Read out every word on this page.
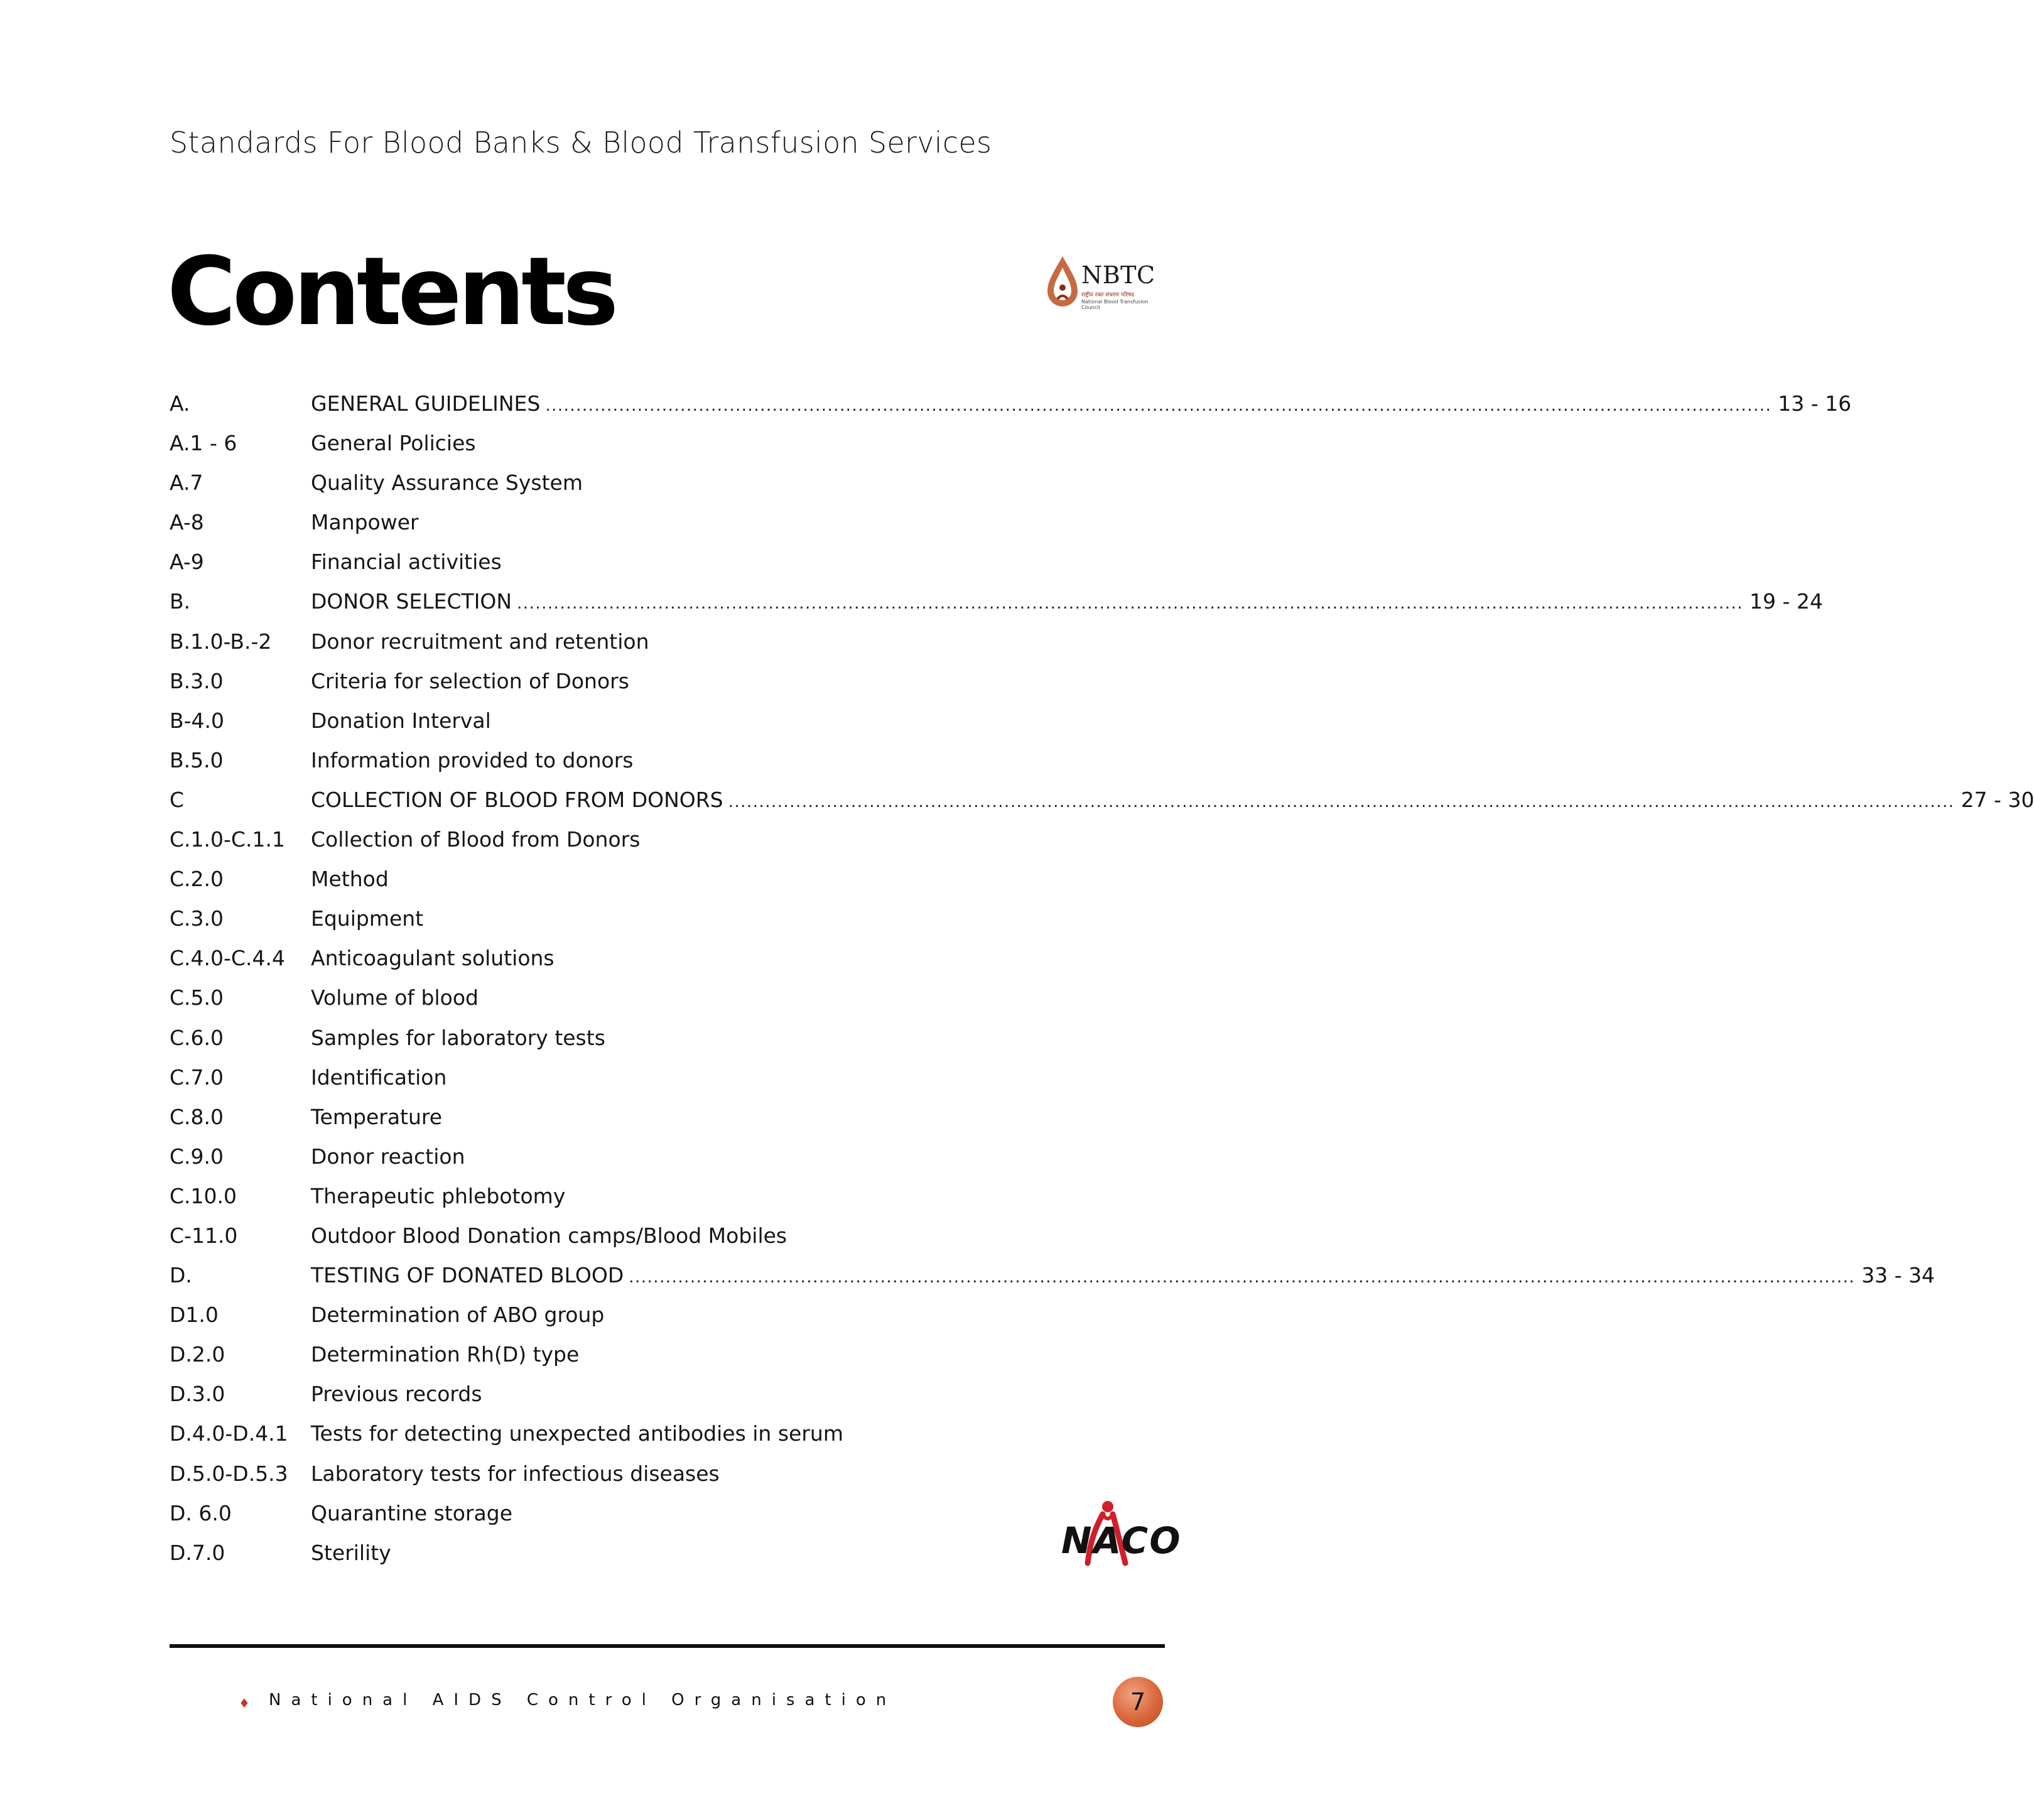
Standards For Blood Banks & Blood Transfusion Services
Contents	NBTC
राष्ट्रीय रक्त संचरण परिषद
National Blood Transfusion Council
A.	GENERAL GUIDELINES ........................................................................................................................................................................................................ 13 - 16
A.1 - 6	General Policies
A.7	Quality Assurance System
A-8	Manpower
A-9	Financial activities
B.	DONOR SELECTION ........................................................................................................................................................................................................ 19 - 24
B.1.0-B.-2 Donor recruitment and retention
B.3.0	Criteria for selection of Donors
B-4.0	Donation Interval
B.5.0	Information provided to donors
C	COLLECTION OF BLOOD FROM DONORS ........................................................................................................................................................................................................ 27 - 30
C.1.0-C.1.1 Collection of Blood from Donors
C.2.0	Method
C.3.0	Equipment
C.4.0-C.4.4 Anticoagulant solutions
C.5.0	Volume of blood
C.6.0	Samples for laboratory tests
C.7.0	Identification
C.8.0	Temperature
C.9.0	Donor reaction
C.10.0	Therapeutic phlebotomy
C-11.0	Outdoor Blood Donation camps/Blood Mobiles
D.	TESTING OF DONATED BLOOD ........................................................................................................................................................................................................ 33 - 34
D1.0	Determination of ABO group
D.2.0	Determination Rh(D) type
D.3.0	Previous records
D.4.0-D.4.1 Tests for detecting unexpected antibodies in serum
D.5.0-D.5.3 Laboratory tests for infectious diseases
D. 6.0	Quarantine storage
D.7.0	Sterility	NACO
♦ National AIDS Control Organisation	7
